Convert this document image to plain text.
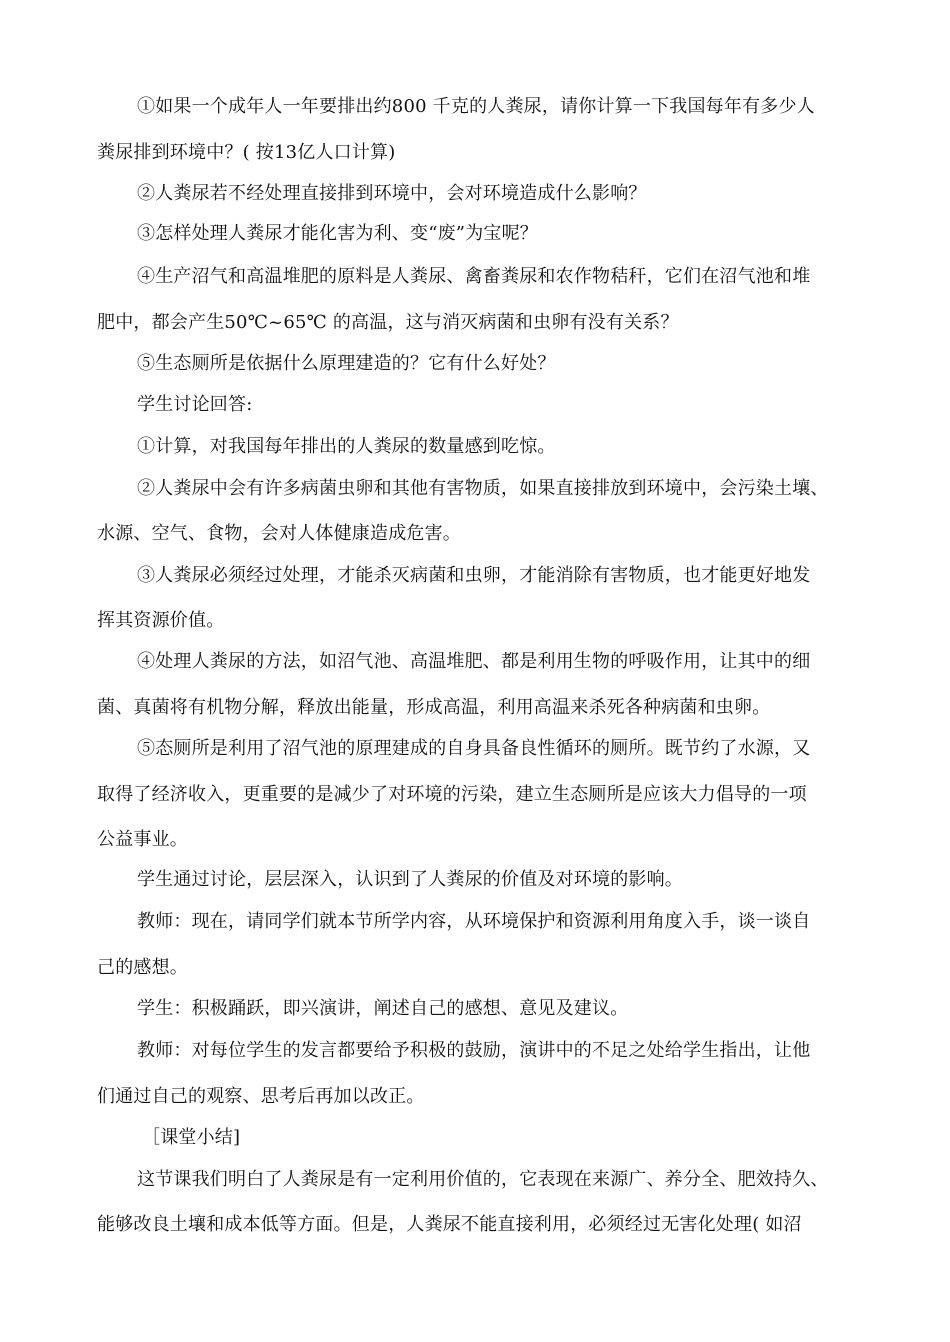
①如果一个成年人一年要排出约800 千克的人粪尿，请你计算一下我国每年有多少人
粪尿排到环境中？( 按13亿人口计算)
②人粪尿若不经处理直接排到环境中，会对环境造成什么影响？
③怎样处理人粪尿才能化害为利、变“废”为宝呢？
④生产沼气和高温堆肥的原料是人粪尿、禽畜粪尿和农作物秸秆，它们在沼气池和堆
肥中，都会产生50℃~65℃ 的高温，这与消灭病菌和虫卵有没有关系？
⑤生态厕所是依据什么原理建造的？它有什么好处？
学生讨论回答:
①计算，对我国每年排出的人粪尿的数量感到吃惊。
②人粪尿中会有许多病菌虫卵和其他有害物质，如果直接排放到环境中，会污染土壤、
水源、空气、食物，会对人体健康造成危害。
③人粪尿必须经过处理，才能杀灭病菌和虫卵，才能消除有害物质，也才能更好地发
挥其资源价值。
④处理人粪尿的方法，如沼气池、高温堆肥、都是利用生物的呼吸作用，让其中的细
菌、真菌将有机物分解，释放出能量，形成高温，利用高温来杀死各种病菌和虫卵。
⑤态厕所是利用了沼气池的原理建成的自身具备良性循环的厕所。既节约了水源，又
取得了经济收入，更重要的是减少了对环境的污染，建立生态厕所是应该大力倡导的一项
公益事业。
学生通过讨论，层层深入，认识到了人粪尿的价值及对环境的影响。
教师：现在，请同学们就本节所学内容，从环境保护和资源利用角度入手，谈一谈自
己的感想。
学生：积极踊跃，即兴演讲，阐述自己的感想、意见及建议。
教师：对每位学生的发言都要给予积极的鼓励，演讲中的不足之处给学生指出，让他
们通过自己的观察、思考后再加以改正。
［课堂小结]
这节课我们明白了人粪尿是有一定利用价值的，它表现在来源广、养分全、肥效持久、
能够改良土壤和成本低等方面。但是，人粪尿不能直接利用，必须经过无害化处理( 如沼
